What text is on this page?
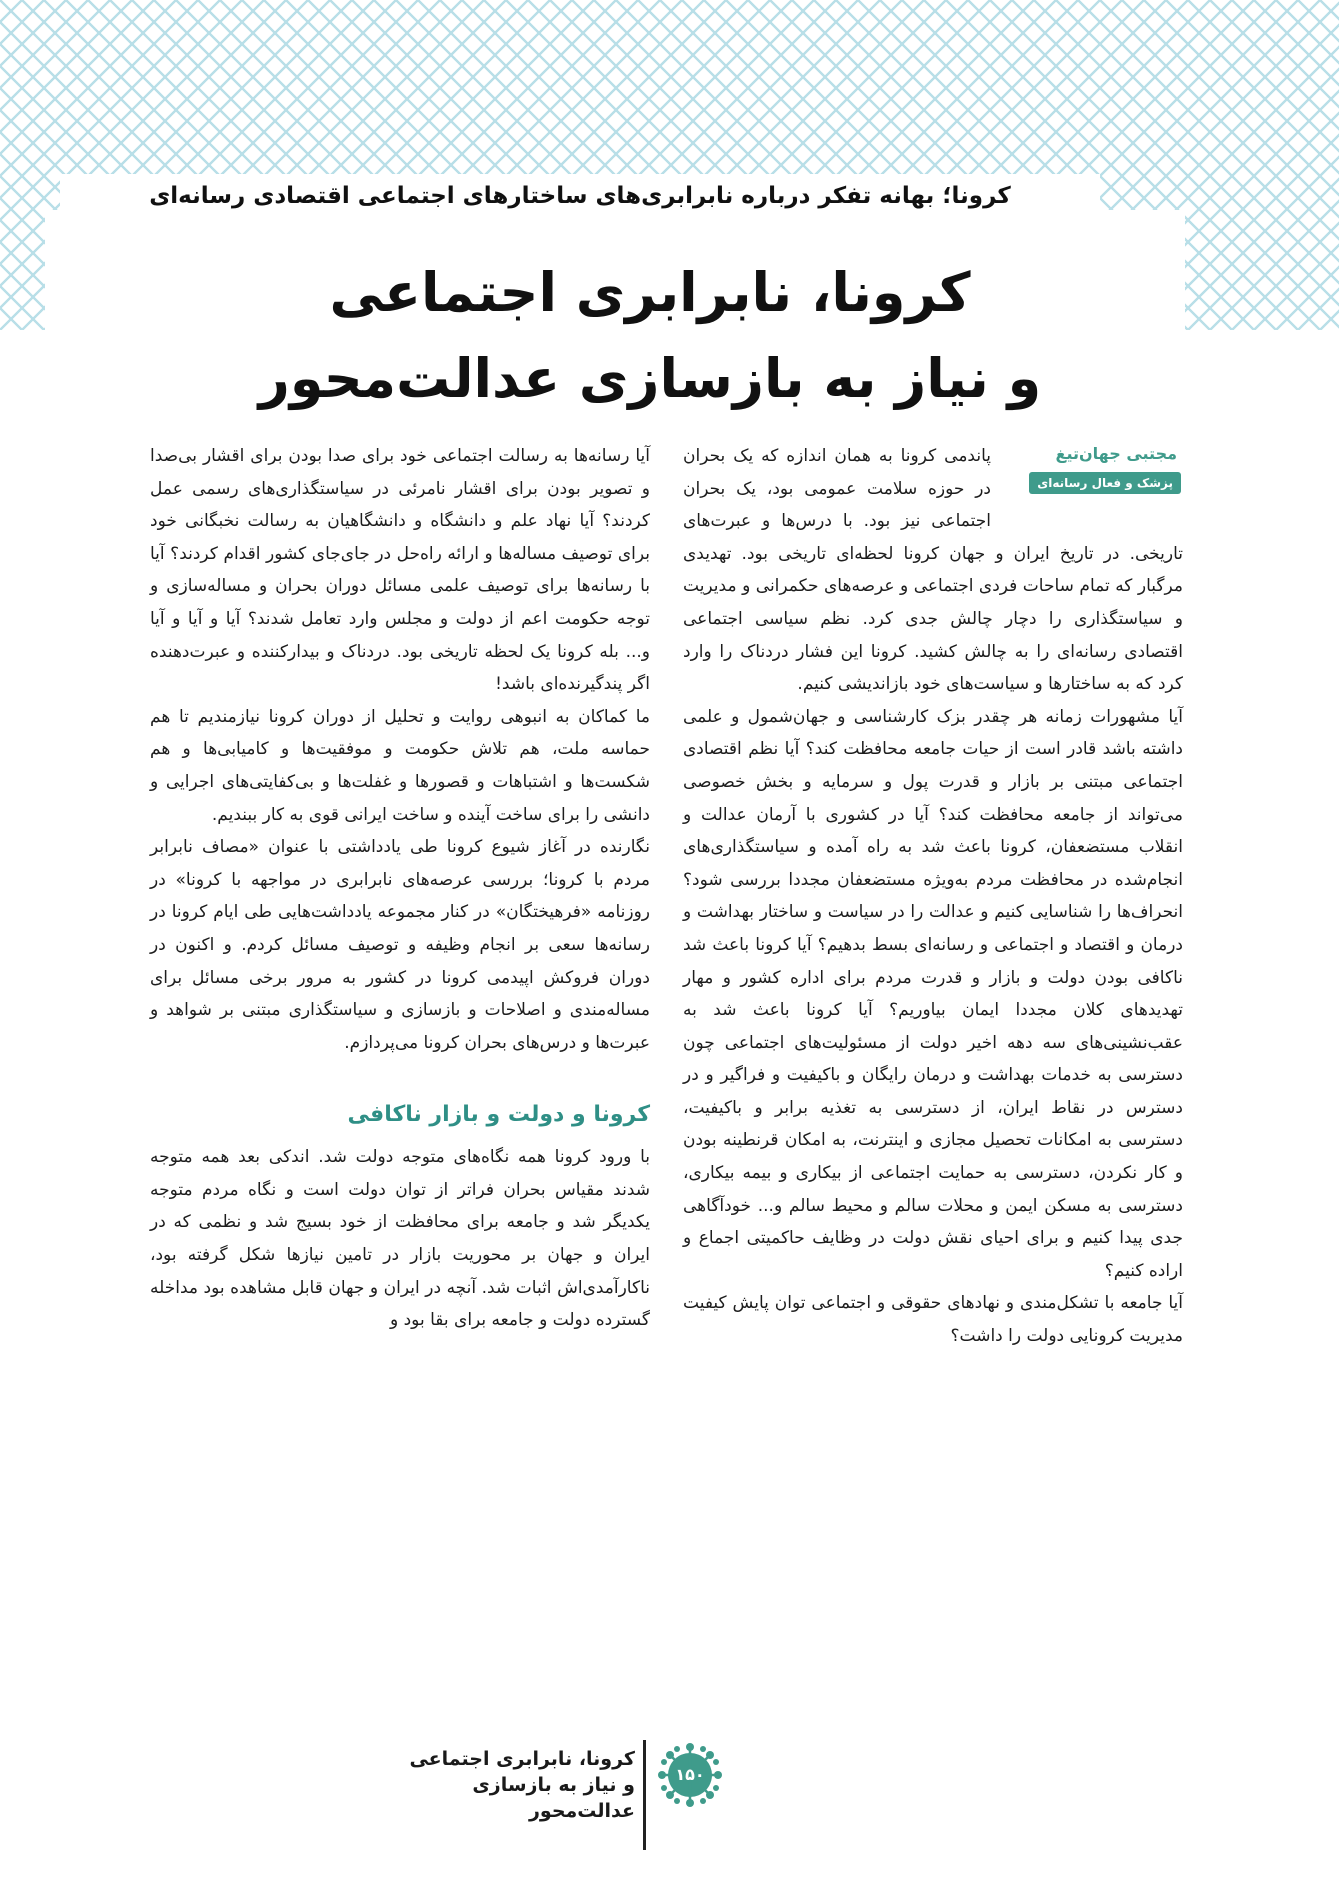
کرونا؛ بهانه تفکر درباره نابرابری‌های ساختارهای اجتماعی اقتصادی رسانه‌ای
کرونا، نابرابری اجتماعی
و نیاز به بازسازی عدالت‌محور
مجتبی جهان‌تیغ
پزشک و فعال رسانه‌ای

پاندمی کرونا به همان اندازه که یک بحران در حوزه سلامت عمومی بود، یک بحران اجتماعی نیز بود. با درس‌ها و عبرت‌های تاریخی. در تاریخ ایران و جهان کرونا لحظه‌ای تاریخی بود. تهدیدی مرگبار که تمام ساحات فردی اجتماعی و عرصه‌های حکمرانی و مدیریت و سیاستگذاری را دچار چالش جدی کرد. نظم سیاسی اجتماعی اقتصادی رسانه‌ای را به چالش کشید. کرونا این فشار دردناک را وارد کرد که به ساختارها و سیاست‌های خود بازاندیشی کنیم.

آیا مشهورات زمانه هر چقدر بزک کارشناسی و جهان‌شمول و علمی داشته باشد قادر است از حیات جامعه محافظت کند؟ آیا نظم اقتصادی اجتماعی مبتنی بر بازار و قدرت پول و سرمایه و بخش خصوصی می‌تواند از جامعه محافظت کند؟ آیا در کشوری با آرمان عدالت و انقلاب مستضعفان، کرونا باعث شد به راه آمده و سیاستگذاری‌های انجام‌شده در محافظت مردم به‌ویژه مستضعفان مجددا بررسی شود؟ انحراف‌ها را شناسایی کنیم و عدالت را در سیاست و ساختار بهداشت و درمان و اقتصاد و اجتماعی و رسانه‌ای بسط بدهیم؟ آیا کرونا باعث شد ناکافی بودن دولت و بازار و قدرت مردم برای اداره کشور و مهار تهدیدهای کلان مجددا ایمان بیاوریم؟ آیا کرونا باعث شد به عقب‌نشینی‌های سه دهه اخیر دولت از مسئولیت‌های اجتماعی چون دسترسی به خدمات بهداشت و درمان رایگان و باکیفیت و فراگیر و در دسترس در نقاط ایران، از دسترسی به تغذیه برابر و باکیفیت، دسترسی به امکانات تحصیل مجازی و اینترنت، به امکان قرنطینه بودن و کار نکردن، دسترسی به حمایت اجتماعی از بیکاری و بیمه بیکاری، دسترسی به مسکن ایمن و محلات سالم و محیط سالم و... خودآگاهی جدی پیدا کنیم و برای احیای نقش دولت در وظایف حاکمیتی اجماع و اراده کنیم؟

آیا جامعه با تشکل‌مندی و نهادهای حقوقی و اجتماعی توان پایش کیفیت مدیریت کرونایی دولت را داشت؟

آیا رسانه‌ها به رسالت اجتماعی خود برای صدا بودن برای اقشار بی‌صدا و تصویر بودن برای اقشار نامرئی در سیاستگذاری‌های رسمی عمل کردند؟ آیا نهاد علم و دانشگاه و دانشگاهیان به رسالت نخبگانی خود برای توصیف مساله‌ها و ارائه راه‌حل در جای‌جای کشور اقدام کردند؟ آیا با رسانه‌ها برای توصیف علمی مسائل دوران بحران و مساله‌سازی و توجه حکومت اعم از دولت و مجلس وارد تعامل شدند؟ آیا و آیا و آیا و... بله کرونا یک لحظه تاریخی بود. دردناک و بیدارکننده و عبرت‌دهنده اگر پندگیرنده‌ای باشد!

ما کماکان به انبوهی روایت و تحلیل از دوران کرونا نیازمندیم تا هم حماسه ملت، هم تلاش حکومت و موفقیت‌ها و کامیابی‌ها و هم شکست‌ها و اشتباهات و قصورها و غفلت‌ها و بی‌کفایتی‌های اجرایی و دانشی را برای ساخت آینده و ساخت ایرانی قوی به کار ببندیم.

نگارنده در آغاز شیوع کرونا طی یادداشتی با عنوان «مصاف نابرابر مردم با کرونا؛ بررسی عرصه‌های نابرابری در مواجهه با کرونا» در روزنامه «فرهیختگان» در کنار مجموعه یادداشت‌هایی طی ایام کرونا در رسانه‌ها سعی بر انجام وظیفه و توصیف مسائل کردم. و اکنون در دوران فروکش اپیدمی کرونا در کشور به مرور برخی مسائل برای مساله‌مندی و اصلاحات و بازسازی و سیاستگذاری مبتنی بر شواهد و عبرت‌ها و درس‌های بحران کرونا می‌پردازم.

کرونا و دولت و بازار ناکافی

با ورود کرونا همه نگاه‌های متوجه دولت شد. اندکی بعد همه متوجه شدند مقیاس بحران فراتر از توان دولت است و نگاه مردم متوجه یکدیگر شد و جامعه برای محافظت از خود بسیج شد و نظمی که در ایران و جهان بر محوریت بازار در تامین نیازها شکل گرفته بود، ناکارآمدی‌اش اثبات شد. آنچه در ایران و جهان قابل مشاهده بود مداخله گسترده دولت و جامعه برای بقا بود و

کرونا، نابرابری اجتماعی
و نیاز به بازسازی عدالت‌محور
۱۵۰
